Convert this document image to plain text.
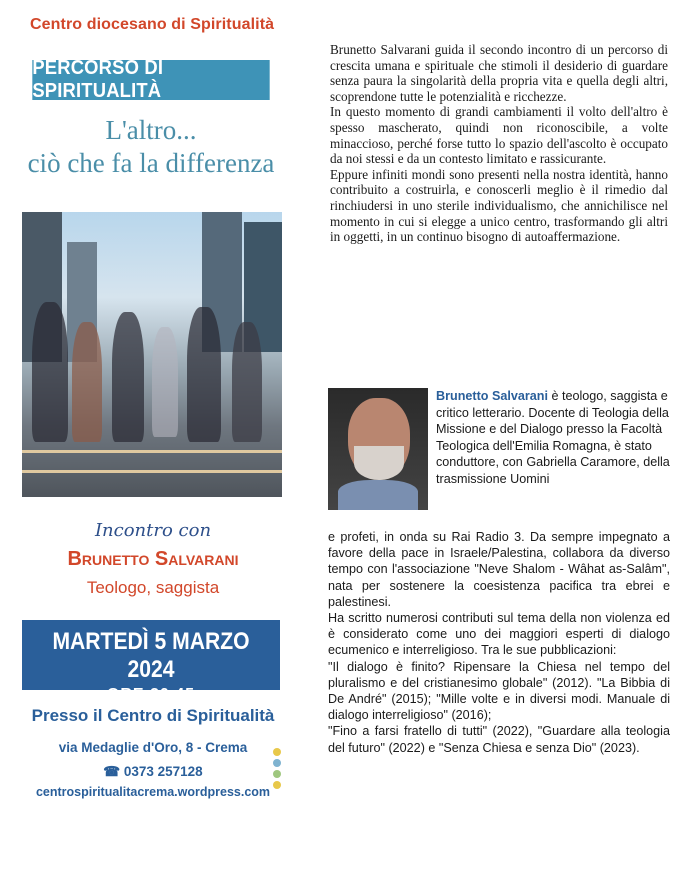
Centro diocesano di Spiritualità
PERCORSO DI SPIRITUALITÀ
L'altro...
ciò che fa la differenza
Incontro con
Brunetto Salvarani
Teologo, saggista
MARTEDÌ 5 MARZO 2024
- ORE 20.45 -
Presso il Centro di Spiritualità
via Medaglie d'Oro, 8 - Crema
☎ 0373 257128
centrospiritualitacrema.wordpress.com

Brunetto Salvarani guida il secondo incontro di un percorso di crescita umana e spirituale che stimoli il desiderio di guardare senza paura la singolarità della propria vita e quella degli altri, scoprendone tutte le potenzialità e ricchezze.

In questo momento di grandi cambiamenti il volto dell'altro è spesso mascherato, quindi non riconoscibile, a volte minaccioso, perché forse tutto lo spazio dell'ascolto è occupato da noi stessi e da un contesto limitato e rassicurante.

Eppure infiniti mondi sono presenti nella nostra identità, hanno contribuito a costruirla, e conoscerli meglio è il rimedio dal rinchiudersi in uno sterile individualismo, che annichilisce nel momento in cui si elegge a unico centro, trasformando gli altri in oggetti, in un continuo bisogno di autoaffermazione.

Brunetto Salvarani è teologo, saggista e critico letterario. Docente di Teologia della Missione e del Dialogo presso la Facoltà Teologica dell'Emilia Romagna, è stato conduttore, con Gabriella Caramore, della trasmissione Uomini

e profeti, in onda su Rai Radio 3. Da sempre impegnato a favore della pace in Israele/Palestina, collabora da diverso tempo con l'associazione "Neve Shalom - Wâhat as-Salâm", nata per sostenere la coesistenza pacifica tra ebrei e palestinesi.

Ha scritto numerosi contributi sul tema della non violenza ed è considerato come uno dei maggiori esperti di dialogo ecumenico e interreligioso. Tra le sue pubblicazioni:

"Il dialogo è finito? Ripensare la Chiesa nel tempo del pluralismo e del cristianesimo globale" (2012). "La Bibbia di De André" (2015); "Mille volte e in diversi modi. Manuale di dialogo interreligioso" (2016);

"Fino a farsi fratello di tutti" (2022), "Guardare alla teologia del futuro" (2022) e "Senza Chiesa e senza Dio" (2023).
